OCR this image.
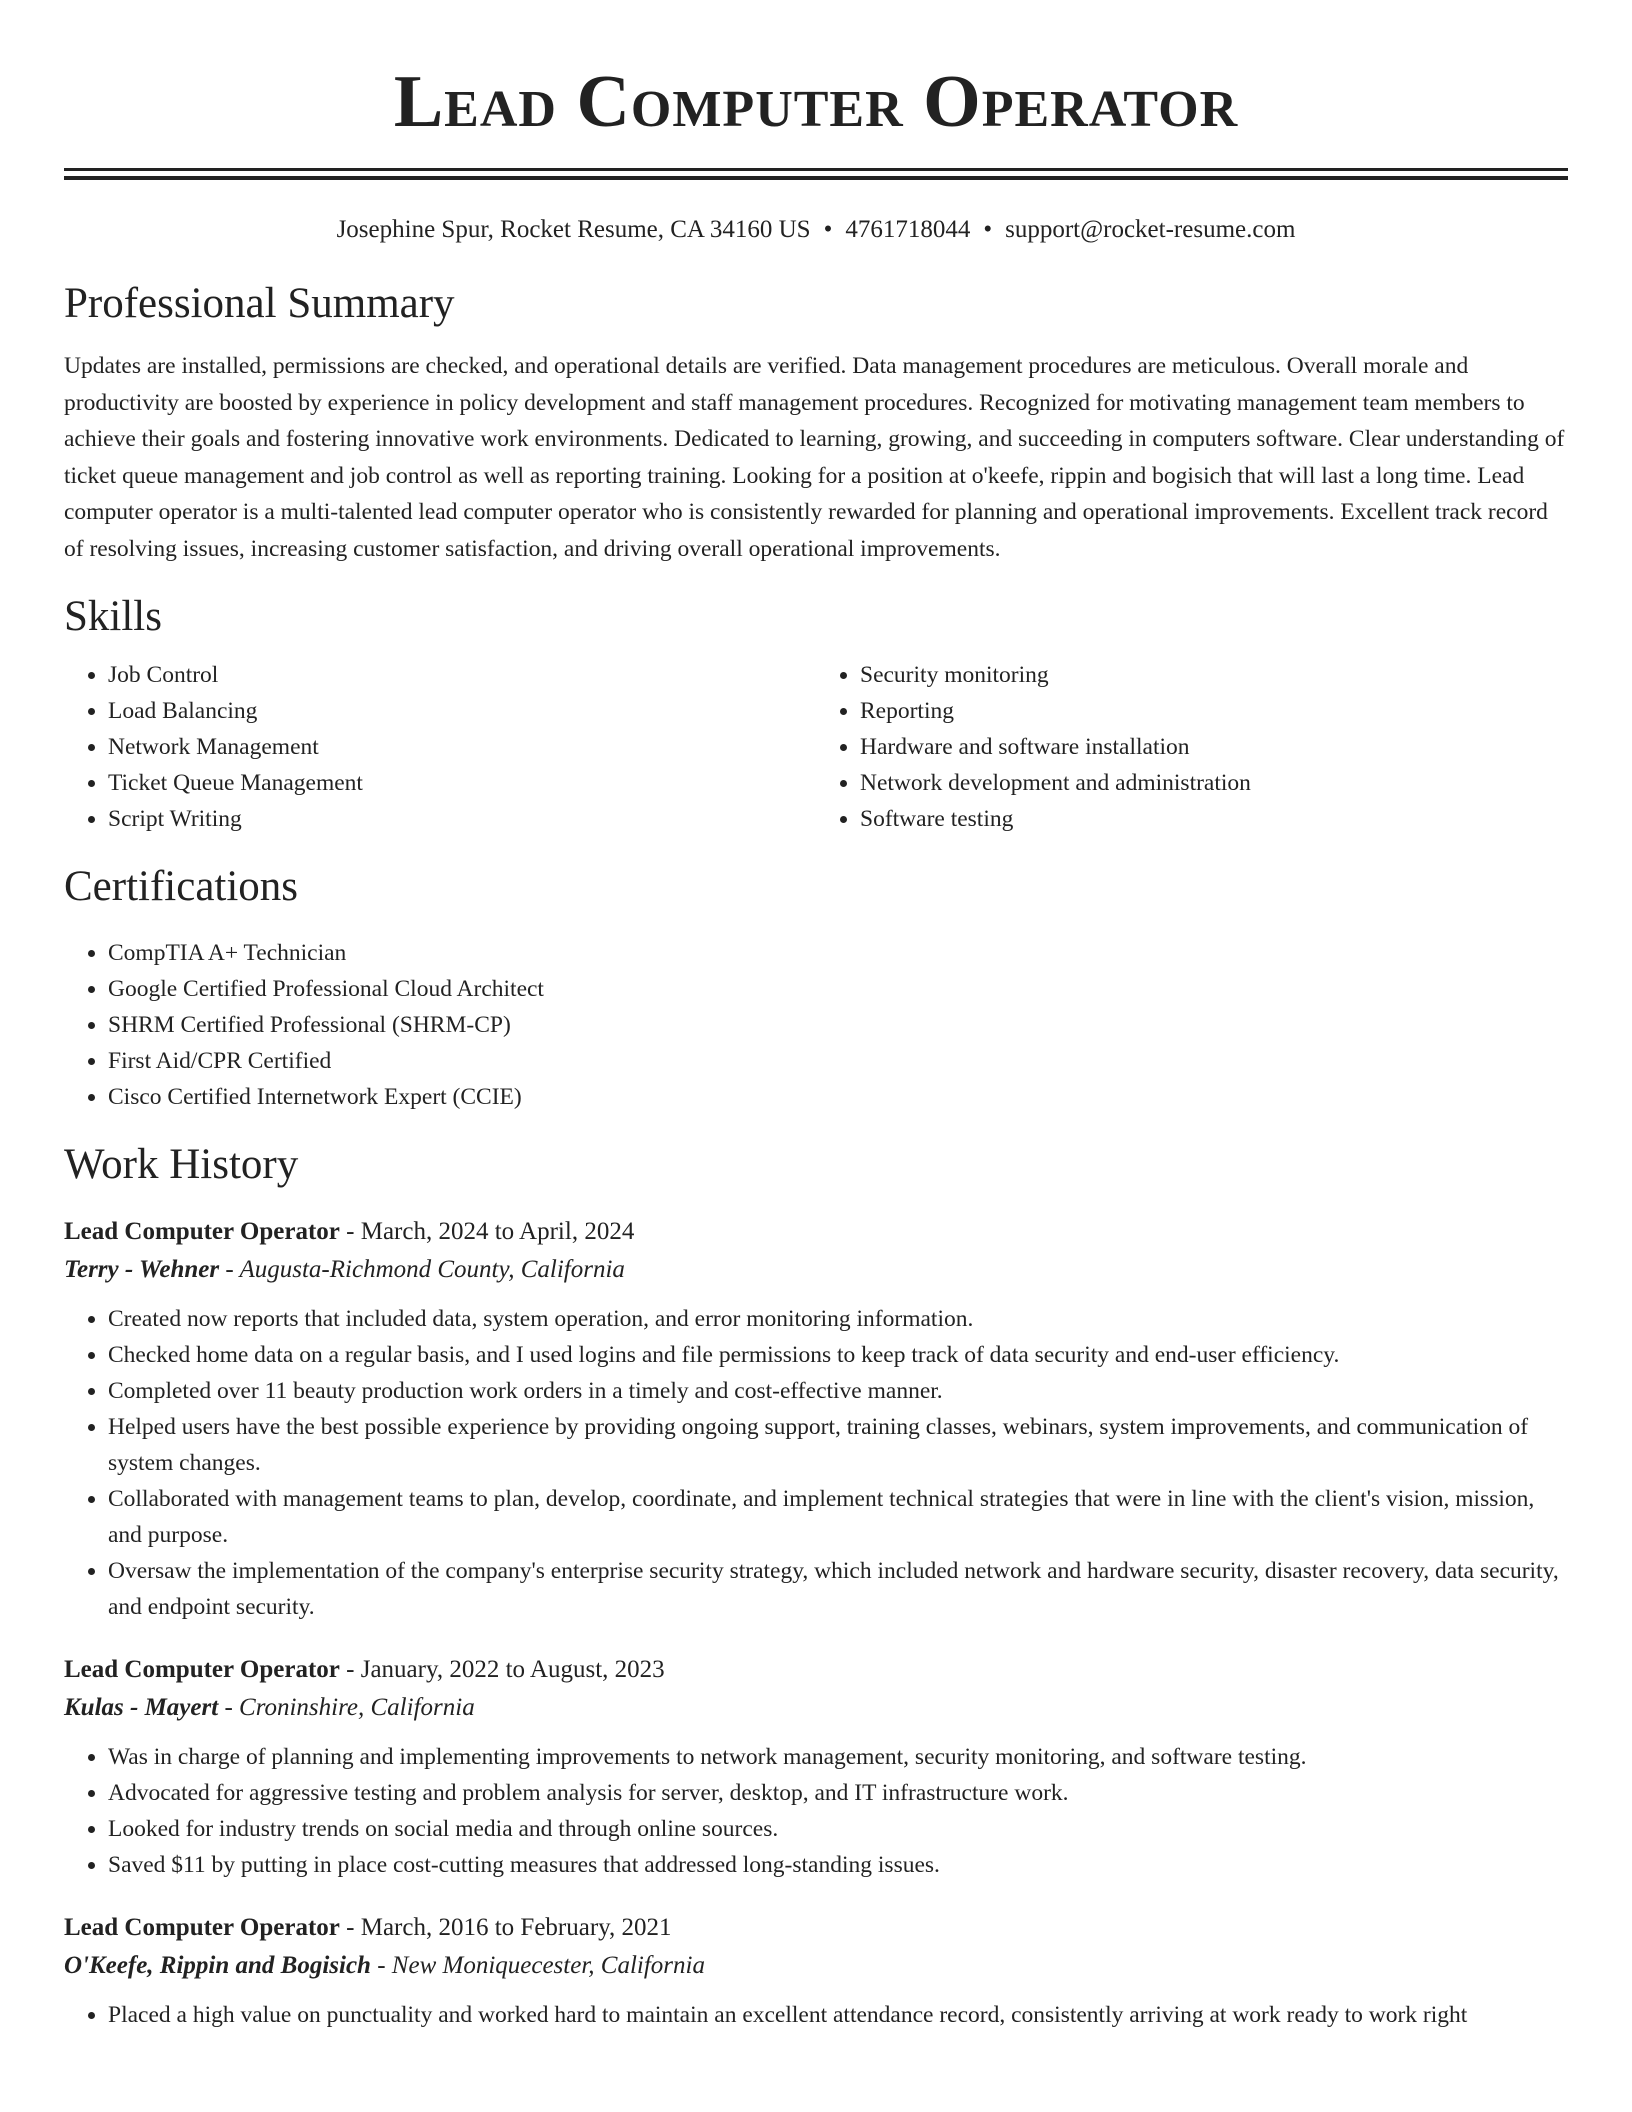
Lead Computer Operator
Josephine Spur, Rocket Resume, CA 34160 US • 4761718044 • support@rocket-resume.com
Professional Summary

Updates are installed, permissions are checked, and operational details are verified. Data management procedures are meticulous. Overall morale and productivity are boosted by experience in policy development and staff management procedures. Recognized for motivating management team members to achieve their goals and fostering innovative work environments. Dedicated to learning, growing, and succeeding in computers software. Clear understanding of ticket queue management and job control as well as reporting training. Looking for a position at o'keefe, rippin and bogisich that will last a long time. Lead computer operator is a multi-talented lead computer operator who is consistently rewarded for planning and operational improvements. Excellent track record of resolving issues, increasing customer satisfaction, and driving overall operational improvements.

Skills
• Job Control
• Load Balancing
• Network Management
• Ticket Queue Management
• Script Writing
• Security monitoring
• Reporting
• Hardware and software installation
• Network development and administration
• Software testing
Certifications
• CompTIA A+ Technician
• Google Certified Professional Cloud Architect
• SHRM Certified Professional (SHRM-CP)
• First Aid/CPR Certified
• Cisco Certified Internetwork Expert (CCIE)
Work History
Lead Computer Operator - March, 2024 to April, 2024
Terry - Wehner - Augusta-Richmond County, California
• Created now reports that included data, system operation, and error monitoring information.
• Checked home data on a regular basis, and I used logins and file permissions to keep track of data security and end-user efficiency.
• Completed over 11 beauty production work orders in a timely and cost-effective manner.
• Helped users have the best possible experience by providing ongoing support, training classes, webinars, system improvements, and communication of system changes.
• Collaborated with management teams to plan, develop, coordinate, and implement technical strategies that were in line with the client's vision, mission, and purpose.
• Oversaw the implementation of the company's enterprise security strategy, which included network and hardware security, disaster recovery, data security, and endpoint security.
Lead Computer Operator - January, 2022 to August, 2023
Kulas - Mayert - Croninshire, California
• Was in charge of planning and implementing improvements to network management, security monitoring, and software testing.
• Advocated for aggressive testing and problem analysis for server, desktop, and IT infrastructure work.
• Looked for industry trends on social media and through online sources.
• Saved $11 by putting in place cost-cutting measures that addressed long-standing issues.
Lead Computer Operator - March, 2016 to February, 2021
O'Keefe, Rippin and Bogisich - New Moniquecester, California
• Placed a high value on punctuality and worked hard to maintain an excellent attendance record, consistently arriving at work ready to work right
